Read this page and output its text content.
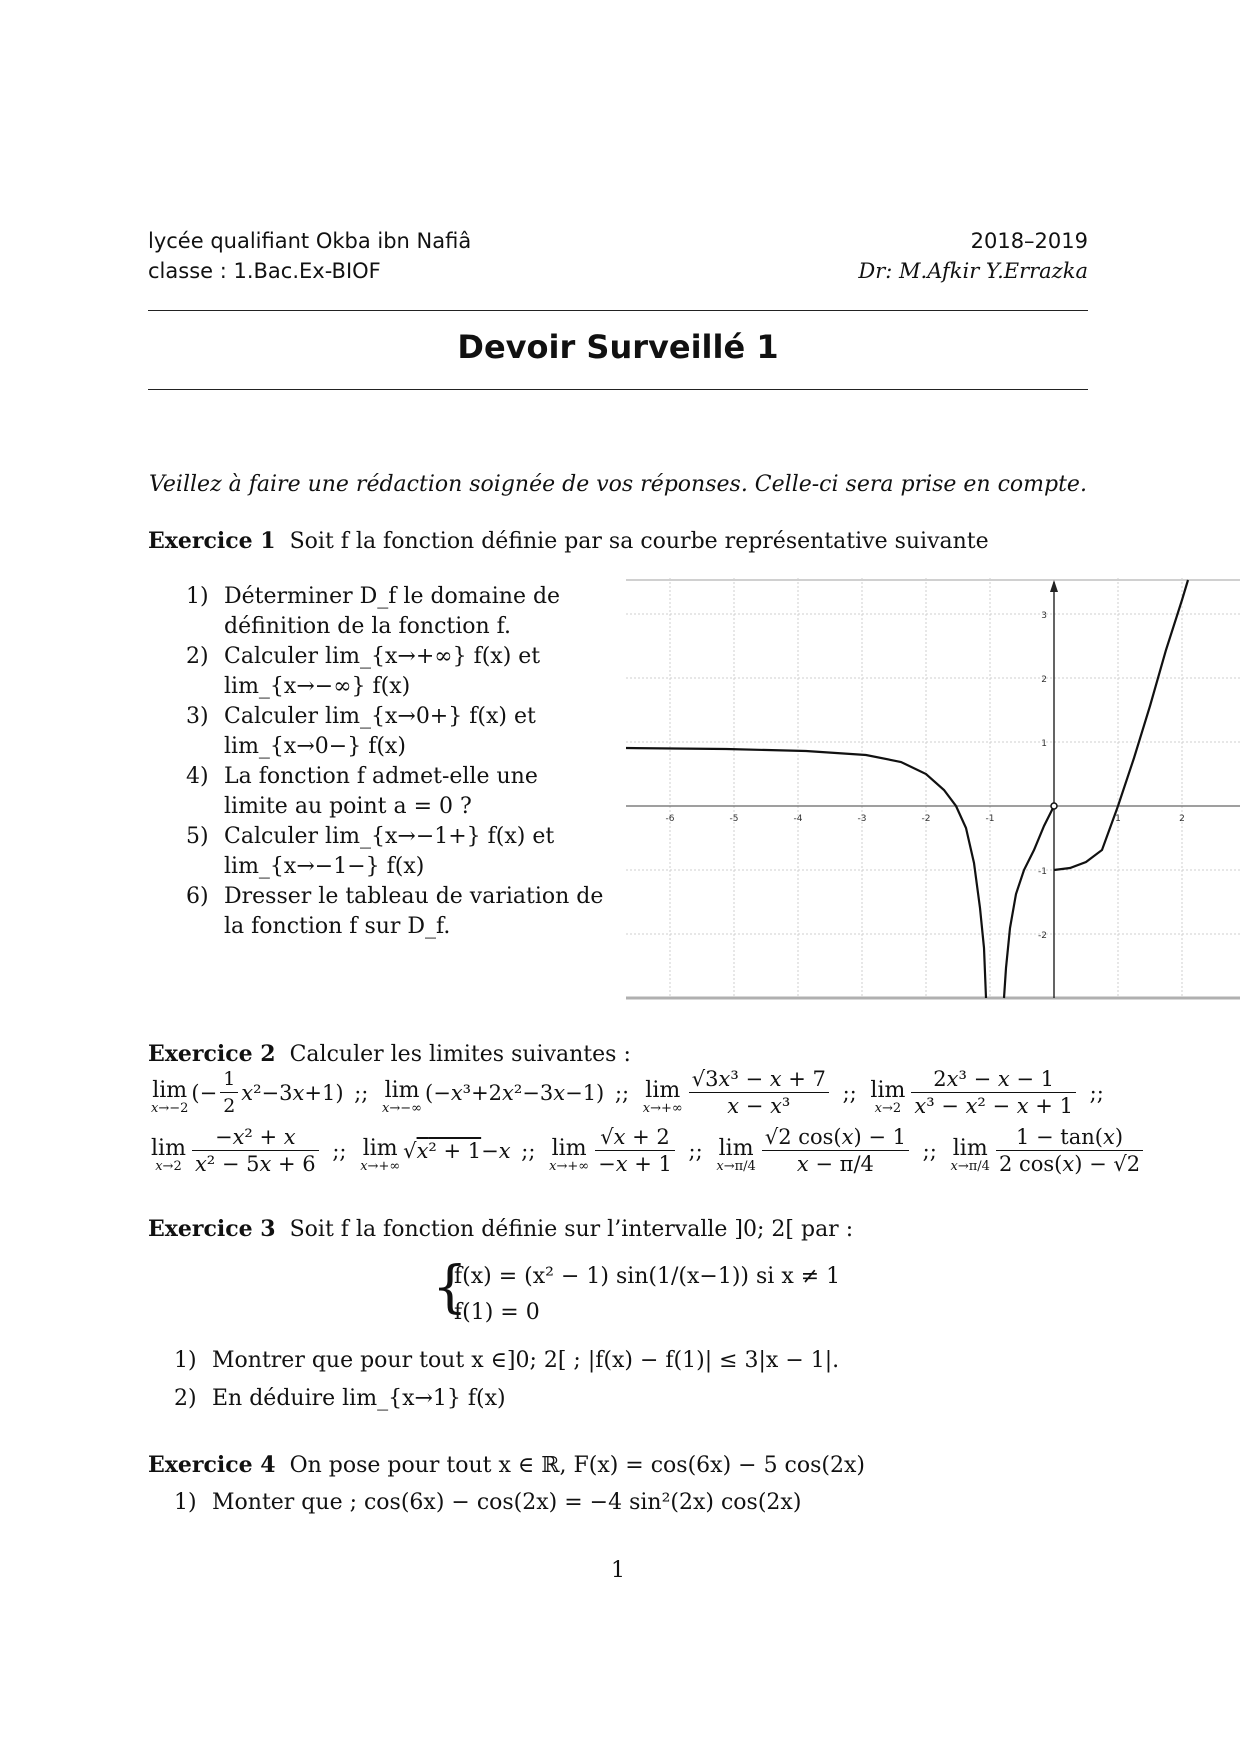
lycée qualifiant Okba ibn Nafiâ	2018–2019
classe : 1.Bac.Ex-BIOF	Dr: M.Afkir Y.Errazka
Devoir Surveillé 1
Veillez à faire une rédaction soignée de vos réponses. Celle-ci sera prise en compte.
Exercice 1 Soit f la fonction définie par sa courbe représentative suivante
1) Déterminer D_f le domaine de définition de la fonction f.
2) Calculer lim_{x→+∞} f(x) et lim_{x→−∞} f(x)
3) Calculer lim_{x→0+} f(x) et lim_{x→0−} f(x)
4) La fonction f admet-elle une limite au point a = 0 ?
5) Calculer lim_{x→−1+} f(x) et lim_{x→−1−} f(x)
6) Dresser le tableau de variation de la fonction f sur D_f.
-6	-5	-4	-3	-2	-1	1	2
3
2
1
-1
-2
Exercice 2 Calculer les limites suivantes :
lim
x→−2
(− $\frac{1}{2} x^2-3x+1$) ;; lim
x→−∞
(−x³+2x²−3x−1) ;; lim
$x\to+\infty \frac{\text{√3x³ − x + 7}}{\text{x − x³}}$ ;; lim
$x\to 2 \frac{\text{2x³ − x − 1}}{\text{x³ − x² − x + 1}}$ ;;
lim
$x\to 2 \frac{\text{−x² + x}}{\text{x² − 5x + 6}}$ ;; lim
x→+∞
√x² + 1−x ;; lim
$x\to+\infty \frac{√x + 2}{-x + 1}$ ;; lim
$x\to\pi/4 \frac{√2 \cos(x) - 1}{x - \pi/4}$ ;; lim
$x\to\pi/4 \frac{1 - \tan(x)}{2 \cos(x) - √2}$
Exercice 3 Soit f la fonction définie sur l’intervalle ]0; 2[ par :
{
f(x) = (x² − 1) sin(1/(x−1)) si x ≠ 1
f(1) = 0
1) Montrer que pour tout x ∈]0; 2[ ; |f(x) − f(1)| ≤ 3|x − 1|.
2) En déduire lim_{x→1} f(x)
Exercice 4 On pose pour tout x ∈ ℝ, F(x) = cos(6x) − 5 cos(2x)
1) Monter que ; cos(6x) − cos(2x) = −4 sin²(2x) cos(2x)
1
